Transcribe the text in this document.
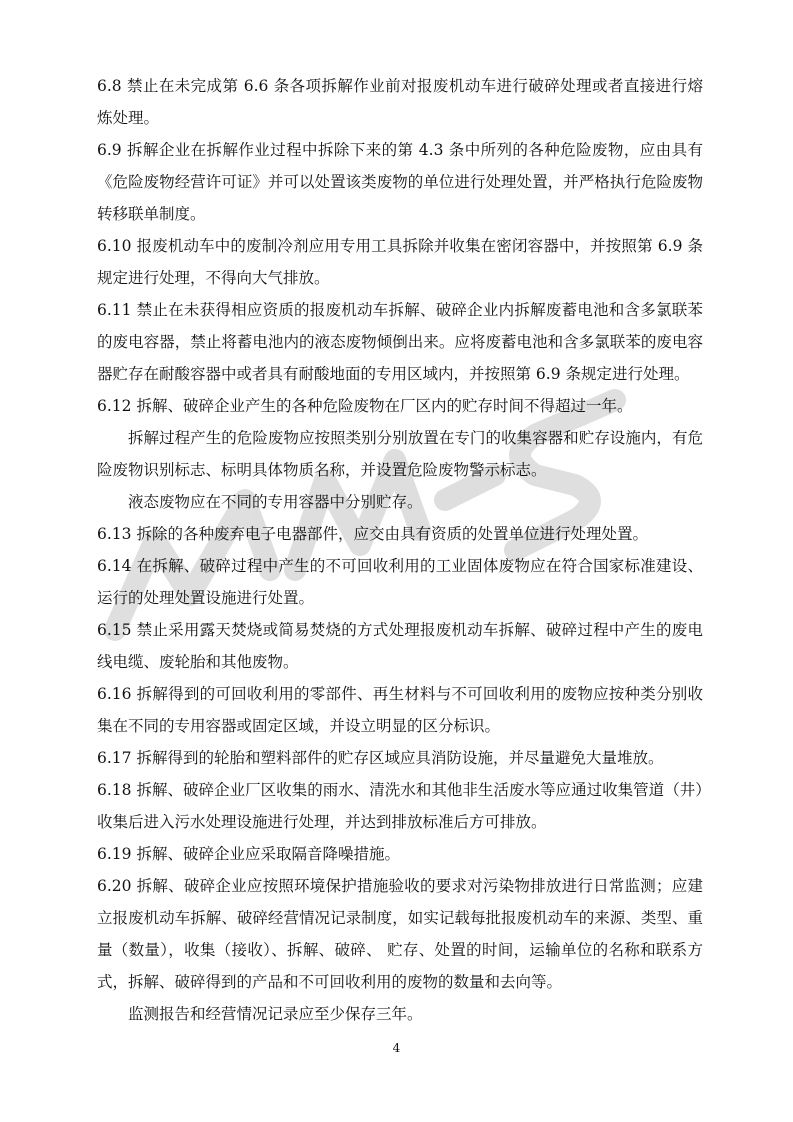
6.8 禁止在未完成第 6.6 条各项拆解作业前对报废机动车进行破碎处理或者直接进行熔炼处理。

6.9 拆解企业在拆解作业过程中拆除下来的第 4.3 条中所列的各种危险废物，应由具有《危险废物经营许可证》并可以处置该类废物的单位进行处理处置，并严格执行危险废物转移联单制度。

6.10 报废机动车中的废制冷剂应用专用工具拆除并收集在密闭容器中，并按照第 6.9 条规定进行处理，不得向大气排放。

6.11 禁止在未获得相应资质的报废机动车拆解、破碎企业内拆解废蓄电池和含多氯联苯的废电容器，禁止将蓄电池内的液态废物倾倒出来。应将废蓄电池和含多氯联苯的废电容器贮存在耐酸容器中或者具有耐酸地面的专用区域内，并按照第 6.9 条规定进行处理。

6.12 拆解、破碎企业产生的各种危险废物在厂区内的贮存时间不得超过一年。

拆解过程产生的危险废物应按照类别分别放置在专门的收集容器和贮存设施内，有危险废物识别标志、标明具体物质名称，并设置危险废物警示标志。

液态废物应在不同的专用容器中分别贮存。

6.13 拆除的各种废弃电子电器部件，应交由具有资质的处置单位进行处理处置。

6.14 在拆解、破碎过程中产生的不可回收利用的工业固体废物应在符合国家标准建设、运行的处理处置设施进行处置。

6.15 禁止采用露天焚烧或简易焚烧的方式处理报废机动车拆解、破碎过程中产生的废电线电缆、废轮胎和其他废物。

6.16 拆解得到的可回收利用的零部件、再生材料与不可回收利用的废物应按种类分别收集在不同的专用容器或固定区域，并设立明显的区分标识。

6.17 拆解得到的轮胎和塑料部件的贮存区域应具消防设施，并尽量避免大量堆放。

6.18 拆解、破碎企业厂区收集的雨水、清洗水和其他非生活废水等应通过收集管道（井）收集后进入污水处理设施进行处理，并达到排放标准后方可排放。

6.19 拆解、破碎企业应采取隔音降噪措施。

6.20 拆解、破碎企业应按照环境保护措施验收的要求对污染物排放进行日常监测；应建立报废机动车拆解、破碎经营情况记录制度，如实记载每批报废机动车的来源、类型、重量（数量），收集（接收）、拆解、破碎、 贮存、处置的时间，运输单位的名称和联系方式，拆解、破碎得到的产品和不可回收利用的废物的数量和去向等。

监测报告和经营情况记录应至少保存三年。

4
